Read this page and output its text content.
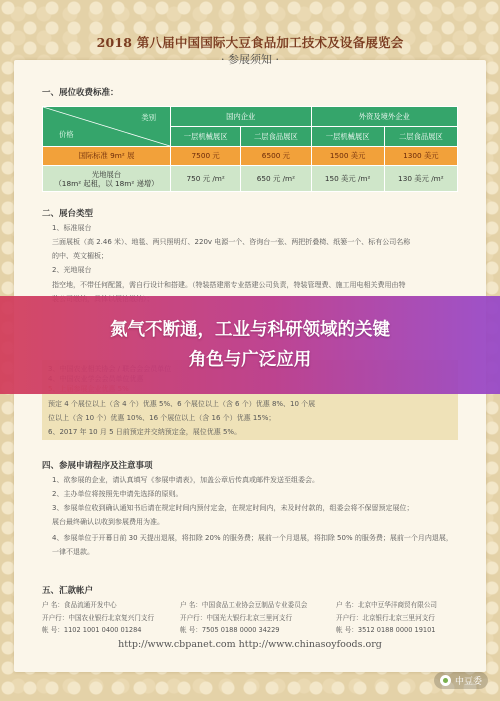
2018 第八届中国国际大豆食品加工技术及设备展览会
· 参展须知 ·
一、展位收费标准：
类别
价格	国内企业		外资及境外企业	
	一层机械展区	二层食品展区	一层机械展区	二层食品展区
国际标准 9m² 展	7500 元	6500 元	1500 美元	1300 美元

光地展台
（18m² 起租，以 18m² 递增）	750 元 /m²	650 元 /m²	150 美元 /m²	130 美元 /m²
二、展台类型
1、标准展台
三面展板（高 2.46 米）、地毯、两只照明灯、220v 电源一个、咨询台一张、两把折叠椅、纸篓一个、标有公司名称
的中、英文楣板；
2、光地展台
指空地，不带任何配置，需自行设计和搭建。（特装搭建需专业搭建公司负责，特装管理费、施工用电相关费用由特
预定 4 个展位以上（含 4 个）优惠 5%、6 个展位以上（含 6 个）优惠 8%、10 个展
位以上（含 10 个）优惠 10%、16 个展位以上（含 16 个）优惠 15%；
6、2017 年 10 月 5 日前预定并交纳预定金，展位优惠 5%。
氮气不断通，工业与科研领域的关键
角色与广泛应用
四、参展申请程序及注意事项
1、欲参展的企业，请认真填写《参展申请表》，加盖公章后传真或邮件发送至组委会。
2、主办单位将按照先申请先选择的原则。
3、参展单位收到确认通知书后请在规定时间内预付定金，在规定时间内，未及时付款的，组委会将不保留预定展位；
展台最终确认以收到参展费用为准。
4、参展单位于开幕日前 30 天提出退展，将扣除 20% 的服务费；展前一个月退展，将扣除 50% 的服务费；展前一个月内退展，
一律不退款。
五、汇款帐户
户 名：食品流通开发中心
开户行：中国农业银行北京复兴门支行
帐 号：1102 1001 0400 01284
户 名：中国食品工业协会豆制品专业委员会
开户行：中国光大银行北京三里河支行
帐 号：7505 0188 0000 34229
户 名：北京中豆华洋商贸有限公司
开户行：北京银行北京三里河支行
帐 号：3512 0188 0000 19101
http://www.cbpanet.com http://www.chinasoyfoods.org
中豆委
